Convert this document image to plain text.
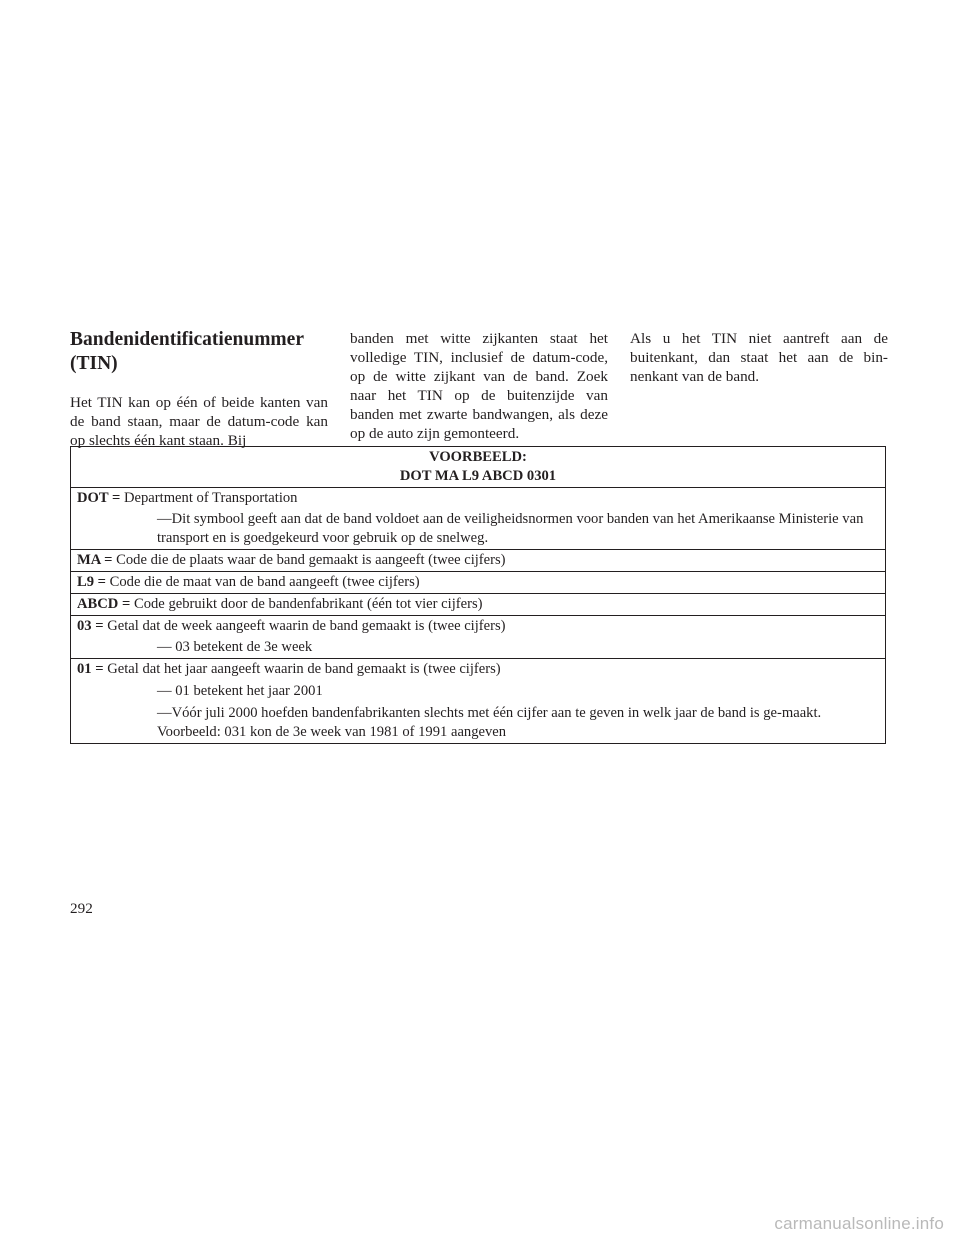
Bandenidentificatienummer (TIN)

Het TIN kan op één of beide kanten van de band staan, maar de datum-code kan op slechts één kant staan. Bij

banden met witte zijkanten staat het volledige TIN, inclusief de datum-code, op de witte zijkant van de band. Zoek naar het TIN op de buitenzijde van banden met zwarte bandwangen, als deze op de auto zijn gemonteerd.

Als u het TIN niet aantreft aan de buitenkant, dan staat het aan de bin-nenkant van de band.

VOORBEELD:
DOT MA L9 ABCD 0301

DOT = Department of Transportation
—Dit symbool geeft aan dat de band voldoet aan de veiligheidsnormen voor banden van het Amerikaanse Ministerie van transport en is goedgekeurd voor gebruik op de snelweg.

MA = Code die de plaats waar de band gemaakt is aangeeft (twee cijfers)
L9 = Code die de maat van de band aangeeft (twee cijfers)
ABCD = Code gebruikt door de bandenfabrikant (één tot vier cijfers)

03 = Getal dat de week aangeeft waarin de band gemaakt is (twee cijfers)
— 03 betekent de 3e week

01 = Getal dat het jaar aangeeft waarin de band gemaakt is (twee cijfers)
— 01 betekent het jaar 2001
—Vóór juli 2000 hoefden bandenfabrikanten slechts met één cijfer aan te geven in welk jaar de band is ge-maakt. Voorbeeld: 031 kon de 3e week van 1981 of 1991 aangeven
292
carmanualsonline.info
